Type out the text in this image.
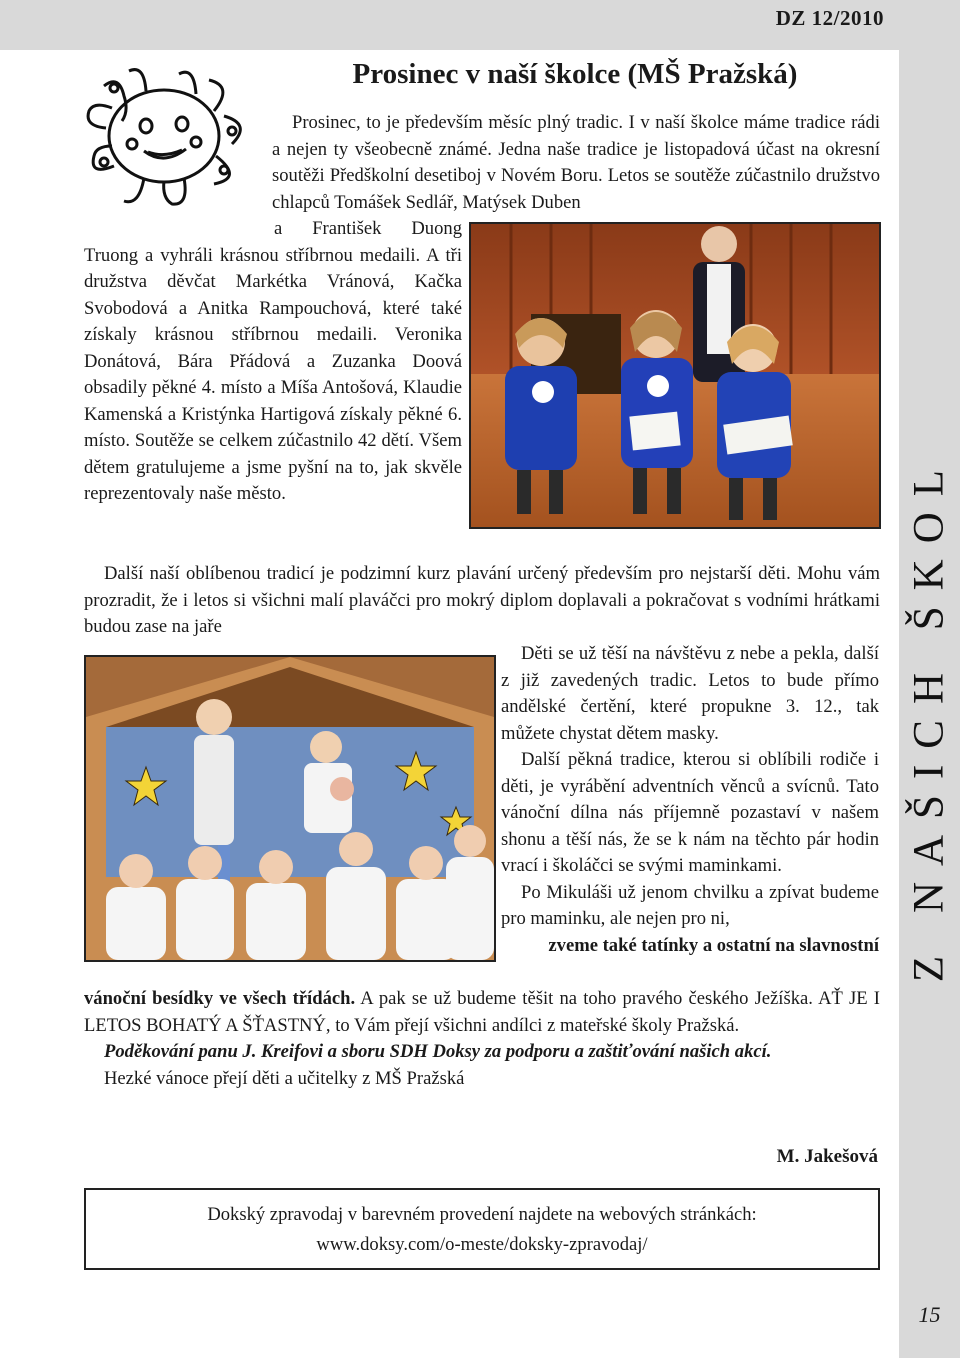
DZ 12/2010
Z NAŠICH ŠKOL
15
Prosinec v naší školce (MŠ Pražská)

Prosinec, to je především měsíc plný tradic. I v naší školce máme tradice rádi a nejen ty všeobecně známé. Jedna naše tradice je listopadová účast na okresní soutěži Předškolní desetiboj v Novém Boru. Letos se soutěže zúčastnilo družstvo chlapců Tomášek Sedlář, Matýsek Duben

a František Duong Truong a vyhráli krásnou stříbrnou medaili. A tři družstva děvčat Markétka Vránová, Kačka Svobodová a Anitka Rampouchová, které také získaly krásnou stříbrnou medaili. Veronika Donátová, Bára Přádová a Zuzanka Doová obsadily pěkné 4. místo a Míša Antošová, Klaudie Kamenská a Kristýnka Hartigová získaly pěkné 6. místo. Soutěže se celkem zúčastnilo 42 dětí. Všem dětem gratulujeme a jsme pyšní na to, jak skvěle reprezentovaly naše město.

Další naší oblíbenou tradicí je podzimní kurz plavání určený především pro nejstarší děti. Mohu vám prozradit, že i letos si všichni malí plaváčci pro mokrý diplom doplavali a pokračovat s vodními hrátkami budou zase na jaře

Děti se už těší na návštěvu z nebe a pekla, další z již zavedených tradic. Letos to bude přímo andělské čertění, které propukne 3. 12., tak můžete chystat dětem masky.

Další pěkná tradice, kterou si oblíbili rodiče i děti, je vyrábění adventních věnců a svícnů. Tato vánoční dílna nás příjemně pozastaví v našem shonu a těší nás, že se k nám na těchto pár hodin vrací i školáčci se svými maminkami.

Po Mikuláši už jenom chvilku a zpívat budeme pro maminku, ale nejen pro ni,

zveme také tatínky a ostatní na slavnostní

vánoční besídky ve všech třídách. A pak se už budeme těšit na toho pravého českého Ježíška. AŤ JE I LETOS BOHATÝ A ŠŤASTNÝ, to Vám přejí všichni andílci z mateřské školy Pražská.

Poděkování panu J. Kreifovi a sboru SDH Doksy za podporu a zaštiťování našich akcí.

Hezké vánoce přejí děti a učitelky z MŠ Pražská

M. Jakešová
Dokský zpravodaj v barevném provedení najdete na webových stránkách:
www.doksy.com/o-meste/doksky-zpravodaj/
